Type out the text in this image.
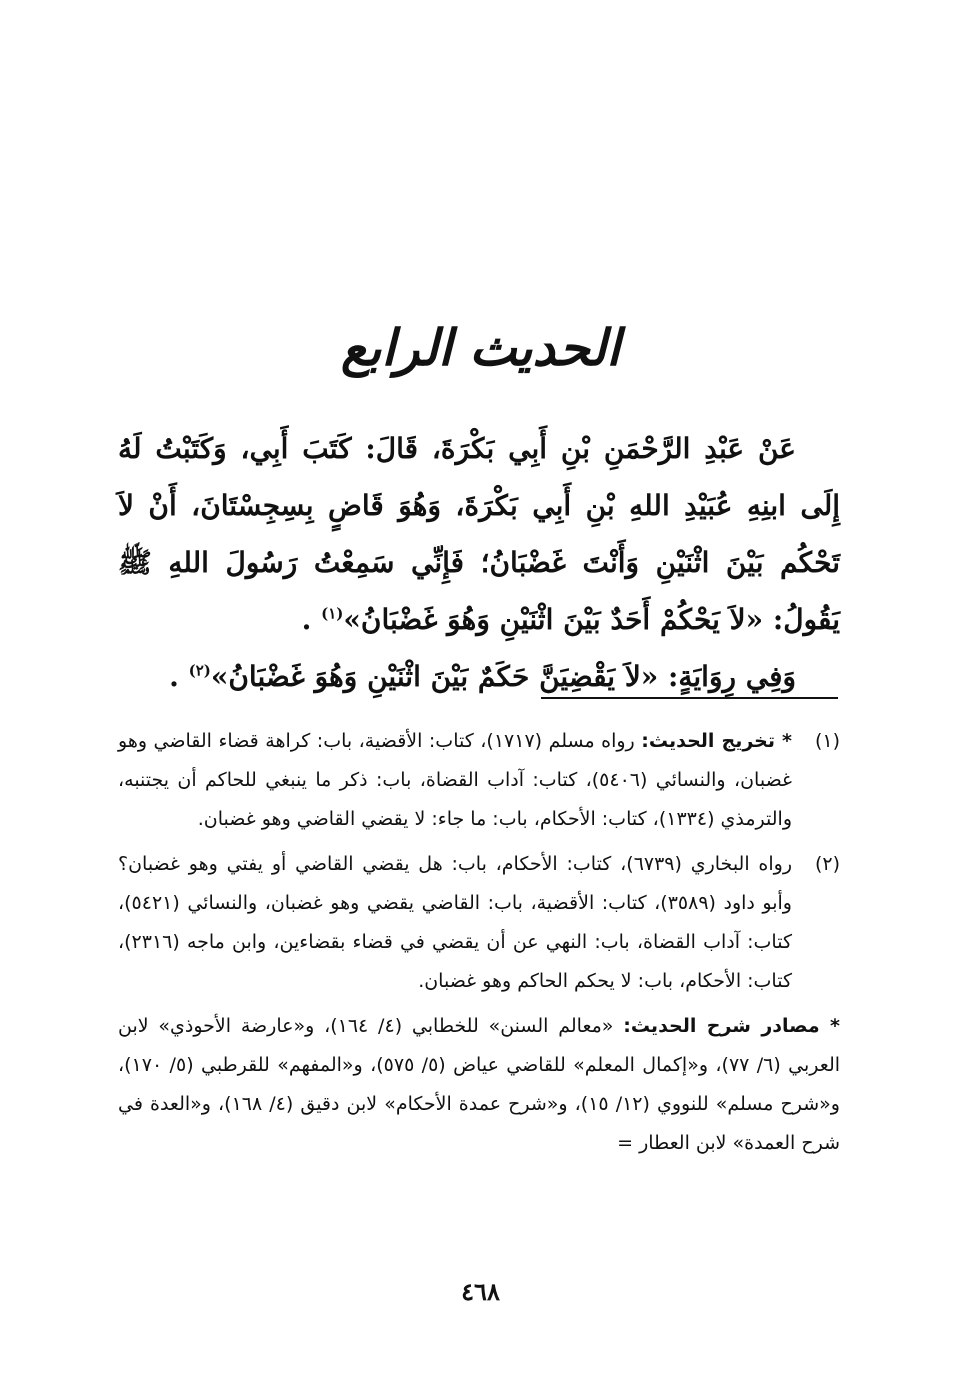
الحديث الرابع

عَنْ عَبْدِ الرَّحْمَنِ بْنِ أَبِي بَكْرَةَ، قَالَ: كَتَبَ أَبِي، وَكَتَبْتُ لَهُ إِلَى ابنِهِ عُبَيْدِ اللهِ بْنِ أَبِي بَكْرَةَ، وَهُوَ قَاضٍ بِسِجِسْتَانَ، أَنْ لاَ تَحْكُم بَيْنَ اثْنَيْنِ وَأَنْتَ غَضْبَانُ؛ فَإِنِّي سَمِعْتُ رَسُولَ اللهِ ﷺ يَقُولُ: «لاَ يَحْكُمْ أَحَدٌ بَيْنَ اثْنَيْنِ وَهُوَ غَضْبَانُ»$^{(١)}$ .

وَفِي رِوَايَةٍ: «لاَ يَقْضِيَنَّ حَكَمٌ بَيْنَ اثْنَيْنِ وَهُوَ غَضْبَانُ»$^{(٢)}$ .

(١)
* تخريج الحديث: رواه مسلم (١٧١٧)، كتاب: الأقضية، باب: كراهة قضاء القاضي وهو غضبان، والنسائي (٥٤٠٦)، كتاب: آداب القضاة، باب: ذكر ما ينبغي للحاكم أن يجتنبه، والترمذي (١٣٣٤)، كتاب: الأحكام، باب: ما جاء: لا يقضي القاضي وهو غضبان.
(٢)
رواه البخاري (٦٧٣٩)، كتاب: الأحكام، باب: هل يقضي القاضي أو يفتي وهو غضبان؟ وأبو داود (٣٥٨٩)، كتاب: الأقضية، باب: القاضي يقضي وهو غضبان، والنسائي (٥٤٢١)، كتاب: آداب القضاة، باب: النهي عن أن يقضي في قضاء بقضاءين، وابن ماجه (٢٣١٦)، كتاب: الأحكام، باب: لا يحكم الحاكم وهو غضبان.
* مصادر شرح الحديث: «معالم السنن» للخطابي (٤/ ١٦٤)، و«عارضة الأحوذي» لابن العربي (٦/ ٧٧)، و«إكمال المعلم» للقاضي عياض (٥/ ٥٧٥)، و«المفهم» للقرطبي (٥/ ١٧٠)، و«شرح مسلم» للنووي (١٢/ ١٥)، و«شرح عمدة الأحكام» لابن دقيق (٤/ ١٦٨)، و«العدة في شرح العمدة» لابن العطار =
٤٦٨
